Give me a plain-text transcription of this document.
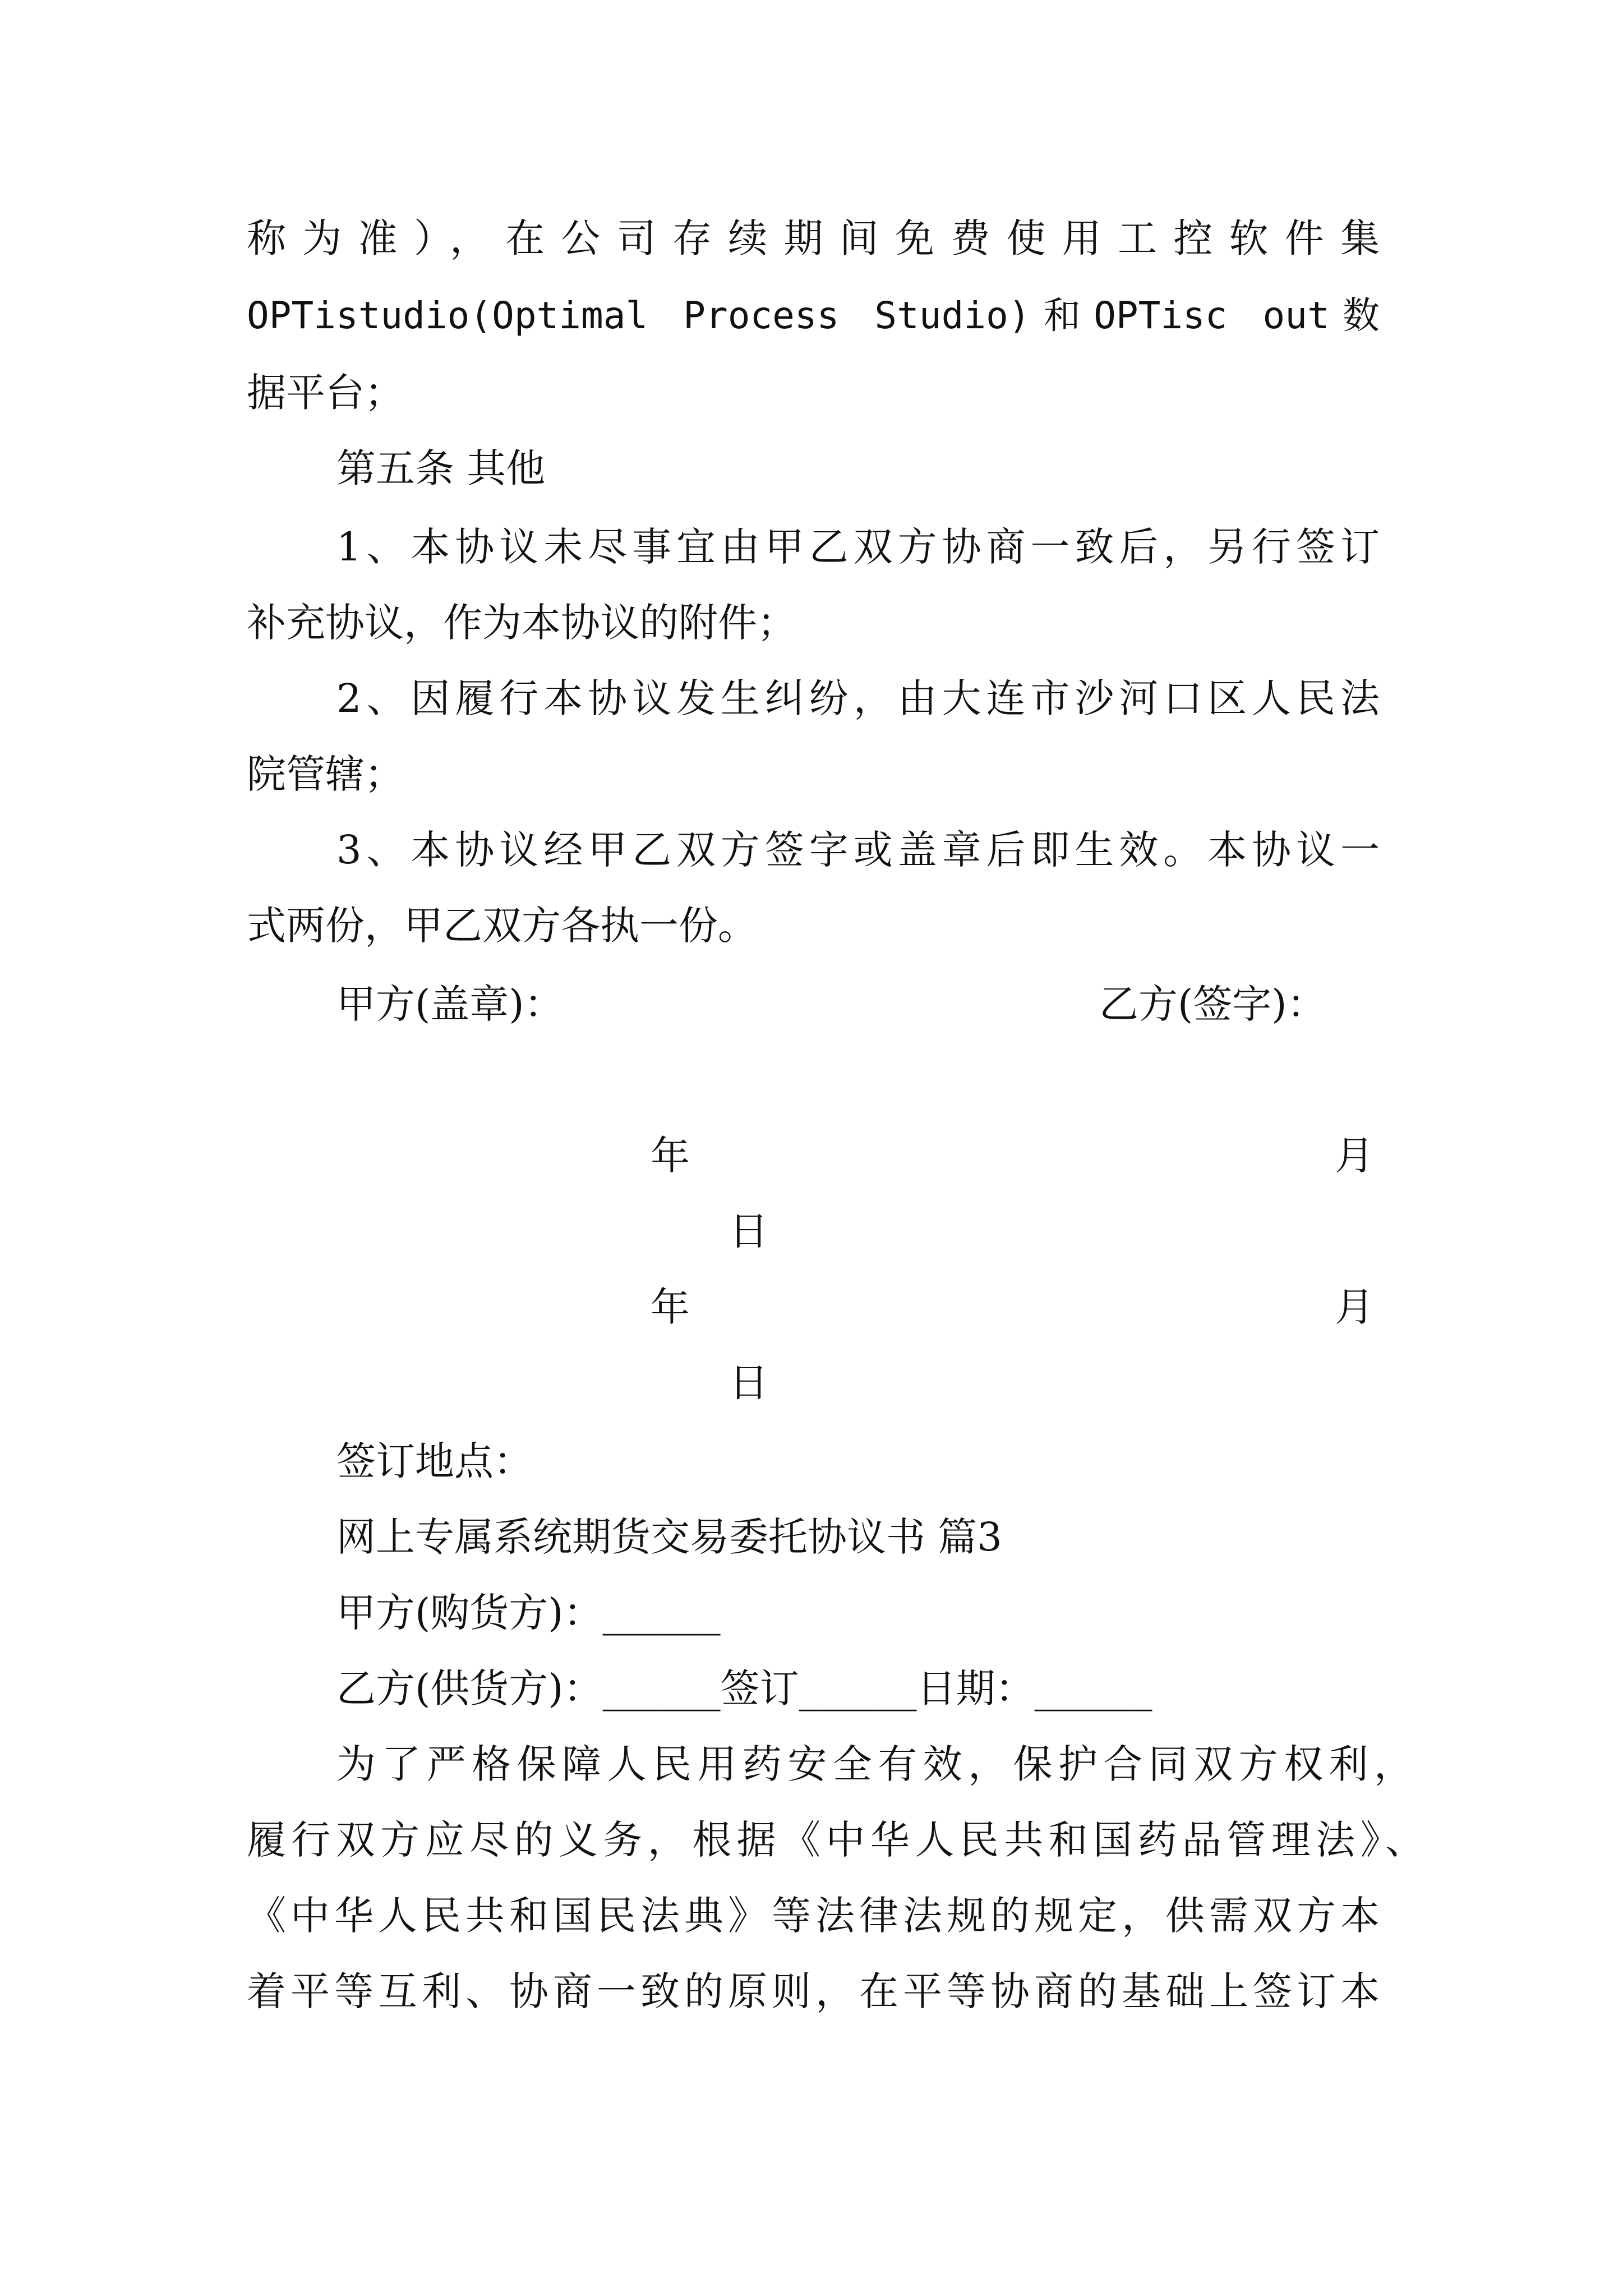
称为准），在公司存续期间免费使用工控软件集
OPTistudio(Optimal Process Studio)和OPTisc out数
据平台；
第五条 其他
1、本协议未尽事宜由甲乙双方协商一致后，另行签订
补充协议，作为本协议的附件；
2、因履行本协议发生纠纷，由大连市沙河口区人民法
院管辖；
3、本协议经甲乙双方签字或盖章后即生效。本协议一
式两份，甲乙双方各执一份。
甲方(盖章)：	乙方(签字)：
年	月
日
年	月
日
签订地点：
网上专属系统期货交易委托协议书 篇3
甲方(购货方)：______
乙方(供货方)：______签订______日期：______
为了严格保障人民用药安全有效，保护合同双方权利，
履行双方应尽的义务，根据《中华人民共和国药品管理法》、
《中华人民共和国民法典》等法律法规的规定，供需双方本
着平等互利、协商一致的原则，在平等协商的基础上签订本
